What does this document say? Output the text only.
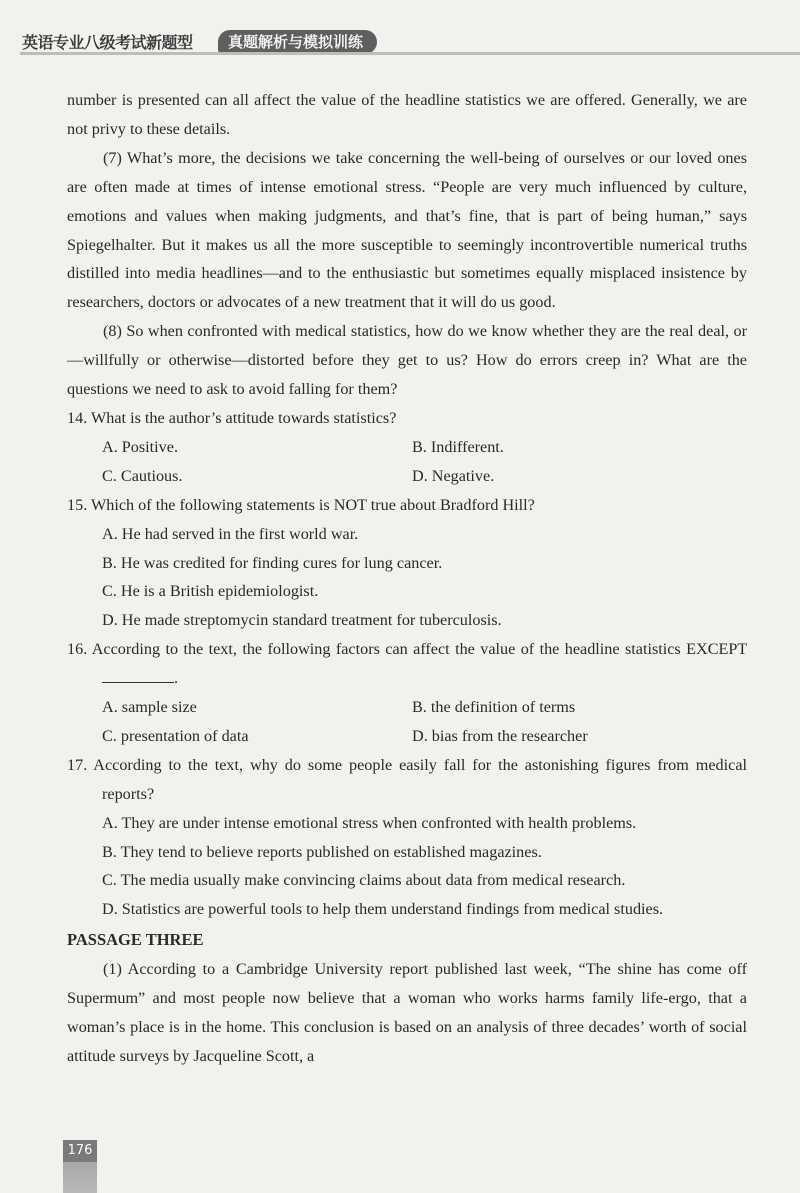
英语专业八级考试新题型	真题解析与模拟训练

number is presented can all affect the value of the headline statistics we are offered. Generally, we are not privy to these details.

(7) What’s more, the decisions we take concerning the well-being of ourselves or our loved ones are often made at times of intense emotional stress. “People are very much influenced by culture, emotions and values when making judgments, and that’s fine, that is part of being human,” says Spiegelhalter. But it makes us all the more susceptible to seemingly incontrovertible numerical truths distilled into media headlines—and to the enthusiastic but sometimes equally misplaced insistence by researchers, doctors or advocates of a new treatment that it will do us good.

(8) So when confronted with medical statistics, how do we know whether they are the real deal, or—willfully or otherwise—distorted before they get to us? How do errors creep in? What are the questions we need to ask to avoid falling for them?

14. What is the author’s attitude towards statistics?

A. Positive.	B. Indifferent.
C. Cautious.	D. Negative.

15. Which of the following statements is NOT true about Bradford Hill?

A. He had served in the first world war.
B. He was credited for finding cures for lung cancer.
C. He is a British epidemiologist.
D. He made streptomycin standard treatment for tuberculosis.

16. According to the text, the following factors can affect the value of the headline statistics EXCEPT .

A. sample size	B. the definition of terms
C. presentation of data	D. bias from the researcher

17. According to the text, why do some people easily fall for the astonishing figures from medical reports?

A. They are under intense emotional stress when confronted with health problems.
B. They tend to believe reports published on established magazines.
C. The media usually make convincing claims about data from medical research.
D. Statistics are powerful tools to help them understand findings from medical studies.

PASSAGE THREE

(1) According to a Cambridge University report published last week, “The shine has come off Supermum” and most people now believe that a woman who works harms family life-ergo, that a woman’s place is in the home. This conclusion is based on an analysis of three decades’ worth of social attitude surveys by Jacqueline Scott, a

176
